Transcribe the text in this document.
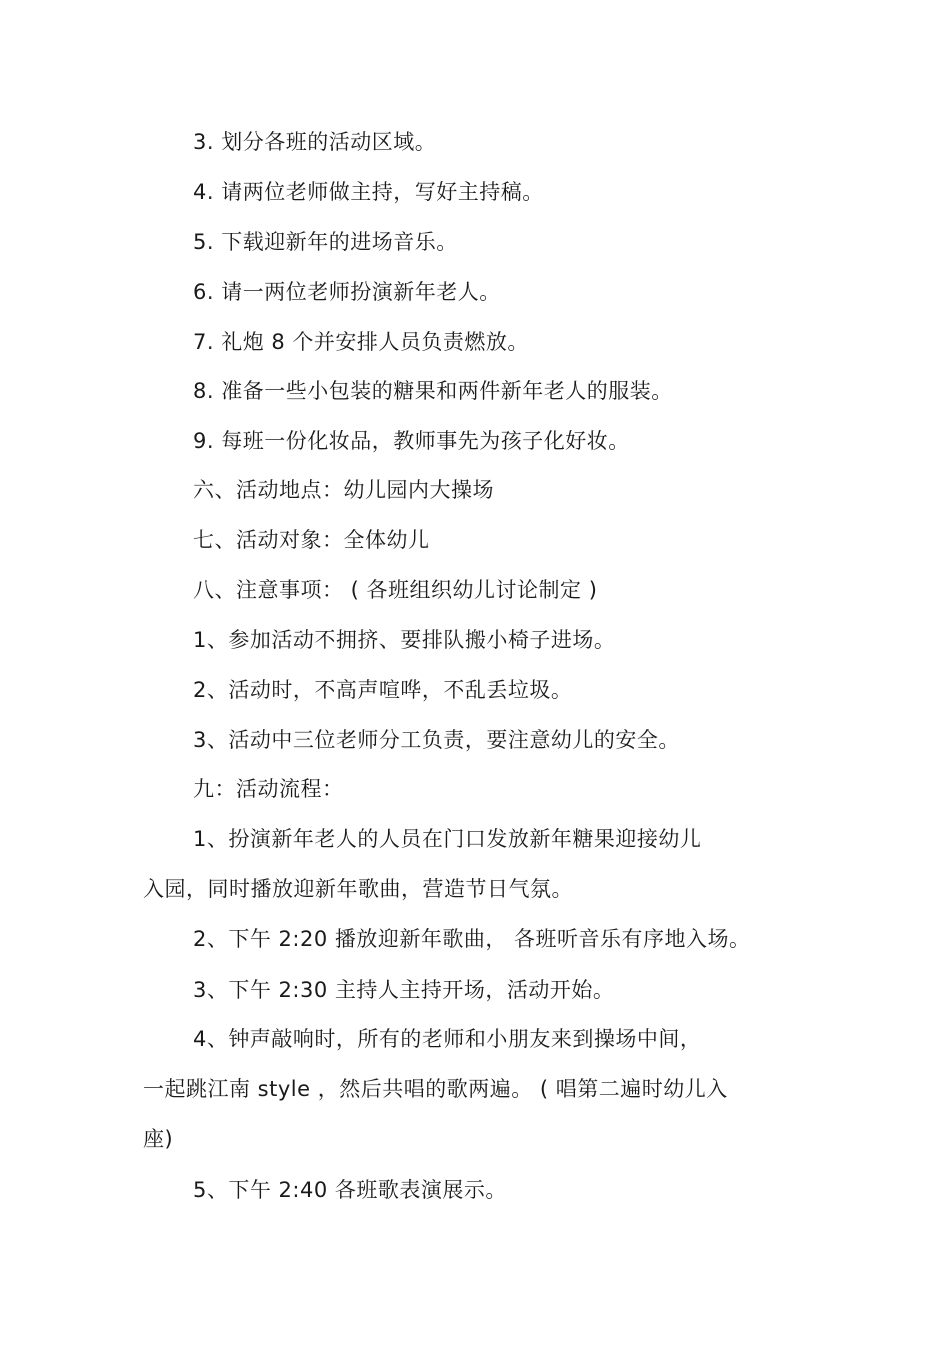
3. 划分各班的活动区域。
4. 请两位老师做主持，写好主持稿。
5. 下载迎新年的进场音乐。
6. 请一两位老师扮演新年老人。
7. 礼炮 8 个并安排人员负责燃放。
8. 准备一些小包装的糖果和两件新年老人的服装。
9. 每班一份化妆品，教师事先为孩子化好妆。
六、活动地点：幼儿园内大操场
七、活动对象：全体幼儿
八、注意事项： ( 各班组织幼儿讨论制定 )
1、参加活动不拥挤、要排队搬小椅子进场。
2、活动时，不高声喧哗，不乱丢垃圾。
3、活动中三位老师分工负责，要注意幼儿的安全。
九：活动流程：
1、扮演新年老人的人员在门口发放新年糖果迎接幼儿
入园，同时播放迎新年歌曲，营造节日气氛。
2、下午 2:20 播放迎新年歌曲， 各班听音乐有序地入场。
3、下午 2:30 主持人主持开场，活动开始。
4、钟声敲响时，所有的老师和小朋友来到操场中间，
一起跳江南 style ，然后共唱的歌两遍。 ( 唱第二遍时幼儿入
座)
5、下午 2:40 各班歌表演展示。
